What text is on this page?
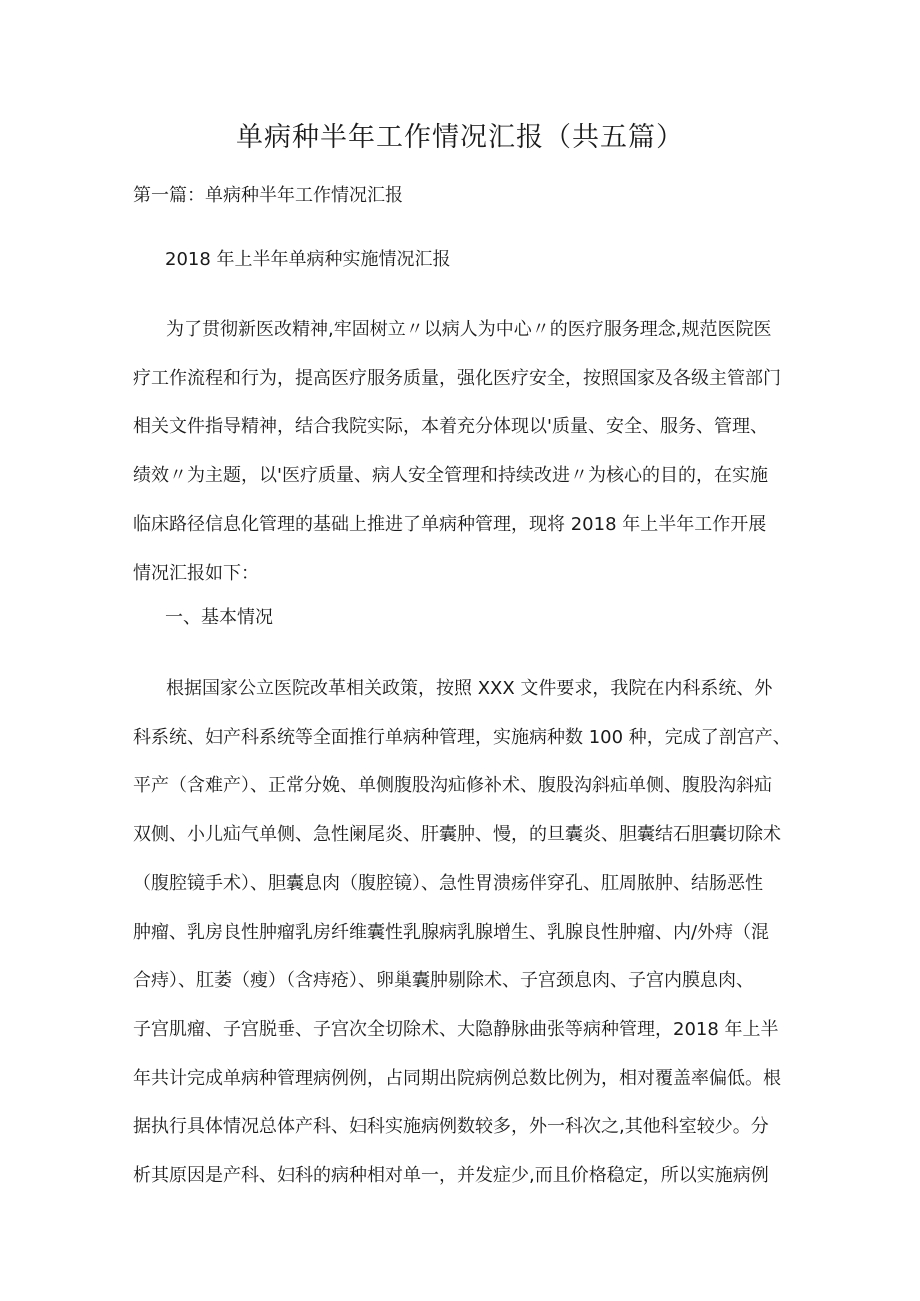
单病种半年工作情况汇报（共五篇）
第一篇：单病种半年工作情况汇报
2018 年上半年单病种实施情况汇报
为了贯彻新医改精神,牢固树立〃以病人为中心〃的医疗服务理念,规范医院医
疗工作流程和行为，提高医疗服务质量，强化医疗安全，按照国家及各级主管部门
相关文件指导精神，结合我院实际，本着充分体现以'质量、安全、服务、管理、
绩效〃为主题，以'医疗质量、病人安全管理和持续改进〃为核心的目的，在实施
临床路径信息化管理的基础上推进了单病种管理，现将 2018 年上半年工作开展
情况汇报如下：
一、基本情况
根据国家公立医院改革相关政策，按照 XXX 文件要求，我院在内科系统、外
科系统、妇产科系统等全面推行单病种管理，实施病种数 100 种，完成了剖宫产、
平产（含难产）、正常分娩、单侧腹股沟疝修补术、腹股沟斜疝单侧、腹股沟斜疝
双侧、小儿疝气单侧、急性阑尾炎、肝囊肿、慢，的旦囊炎、胆囊结石胆囊切除术
（腹腔镜手术）、胆囊息肉（腹腔镜）、急性胃溃疡伴穿孔、肛周脓肿、结肠恶性
肿瘤、乳房良性肿瘤乳房纤维囊性乳腺病乳腺增生、乳腺良性肿瘤、内/外痔（混
合痔）、肛萎（瘦）（含痔疮）、卵巢囊肿剔除术、子宫颈息肉、子宫内膜息肉、
子宫肌瘤、子宫脱垂、子宫次全切除术、大隐静脉曲张等病种管理，2018 年上半
年共计完成单病种管理病例例，占同期出院病例总数比例为，相对覆盖率偏低。根
据执行具体情况总体产科、妇科实施病例数较多，外一科次之,其他科室较少。分
析其原因是产科、妇科的病种相对单一，并发症少,而且价格稳定，所以实施病例
